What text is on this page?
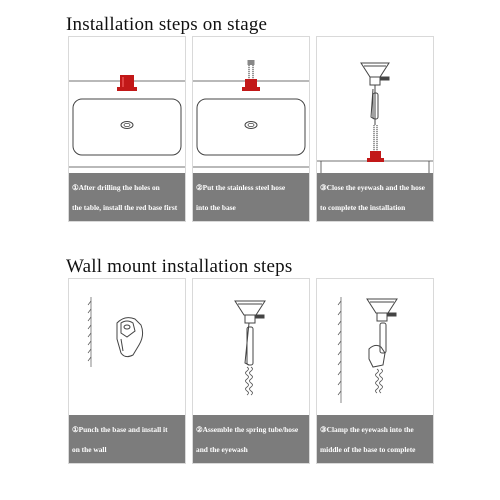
Installation steps on stage
①After drilling the holes on
the table, install the red base first
②Put the stainless steel hose
into the base
③Close the eyewash and the hose
to complete the installation
Wall mount installation steps
①Punch the base and install it
on the wall
②Assemble the spring tube/hose
and the eyewash
③Clamp the eyewash into the
middle of the base to complete
